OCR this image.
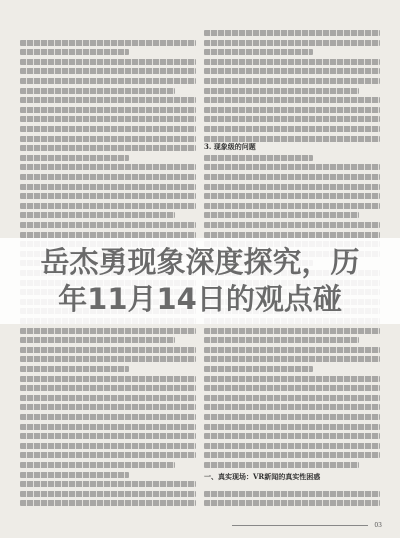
3. 现象级的问题
一、真实现场：VR新闻的真实性困惑
岳杰勇现象深度探究，历
年11月14日的观点碰
03
